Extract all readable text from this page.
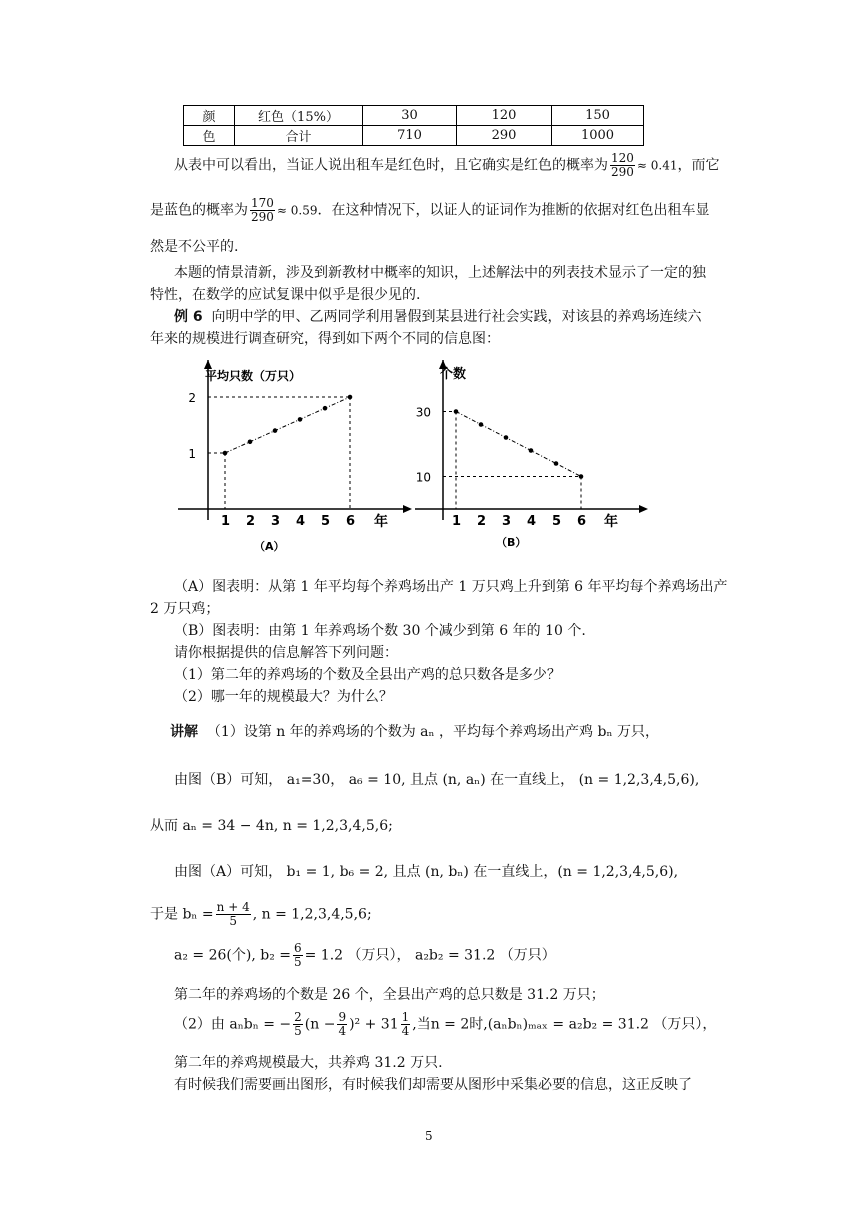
颜	红色（15%）	30	120	150
色	合计	710	290	1000
从表中可以看出，当证人说出租车是红色时，且它确实是红色的概率为 $\frac{120}{290} \approx 0.41$，而它
是蓝色的概率为 $\frac{170}{290} \approx 0.59$．在这种情况下，以证人的证词作为推断的依据对红色出租车显
然是不公平的.
本题的情景清新，涉及到新教材中概率的知识，上述解法中的列表技术显示了一定的独
特性，在数学的应试复课中似乎是很少见的.
例 6 向明中学的甲、乙两同学利用暑假到某县进行社会实践，对该县的养鸡场连续六
年来的规模进行调查研究，得到如下两个不同的信息图：
平均只数（万只）
年
（A）
1 2 3 4 5 6
1
2
个数
年
（B）
1 2 3 4 5 6
10
30
（A）图表明：从第 1 年平均每个养鸡场出产 1 万只鸡上升到第 6 年平均每个养鸡场出产
2 万只鸡；
（B）图表明：由第 1 年养鸡场个数 30 个减少到第 6 年的 10 个.
请你根据提供的信息解答下列问题：
（1）第二年的养鸡场的个数及全县出产鸡的总只数各是多少？
（2）哪一年的规模最大？为什么？
讲解 （1）设第 n 年的养鸡场的个数为 aₙ ，平均每个养鸡场出产鸡 bₙ 万只，
由图（B）可知， a₁=30， a₆ = 10, 且点 (n, aₙ) 在一直线上， (n = 1,2,3,4,5,6),
从而 aₙ = 34 − 4n, n = 1,2,3,4,5,6;
由图（A）可知， b₁ = 1, b₆ = 2, 且点 (n, bₙ) 在一直线上，(n = 1,2,3,4,5,6),
于是 $b_n = \frac{n + 4}{5}$ , n = 1,2,3,4,5,6;
a₂ = 26(个), $b_2 = \frac{6}{5} = 1.2$ （万只）， a₂b₂ = 31.2 （万只）
第二年的养鸡场的个数是 26 个，全县出产鸡的总只数是 31.2 万只；
（2）由 aₙbₙ = − $\frac{2}{5} (n - \frac{9}{4} )^2 + 31 \frac{1}{4}$ ,当n = 2时,(aₙbₙ)ₘₐₓ = a₂b₂ = 31.2 （万只），
第二年的养鸡规模最大，共养鸡 31.2 万只.
有时候我们需要画出图形，有时候我们却需要从图形中采集必要的信息，这正反映了
5
